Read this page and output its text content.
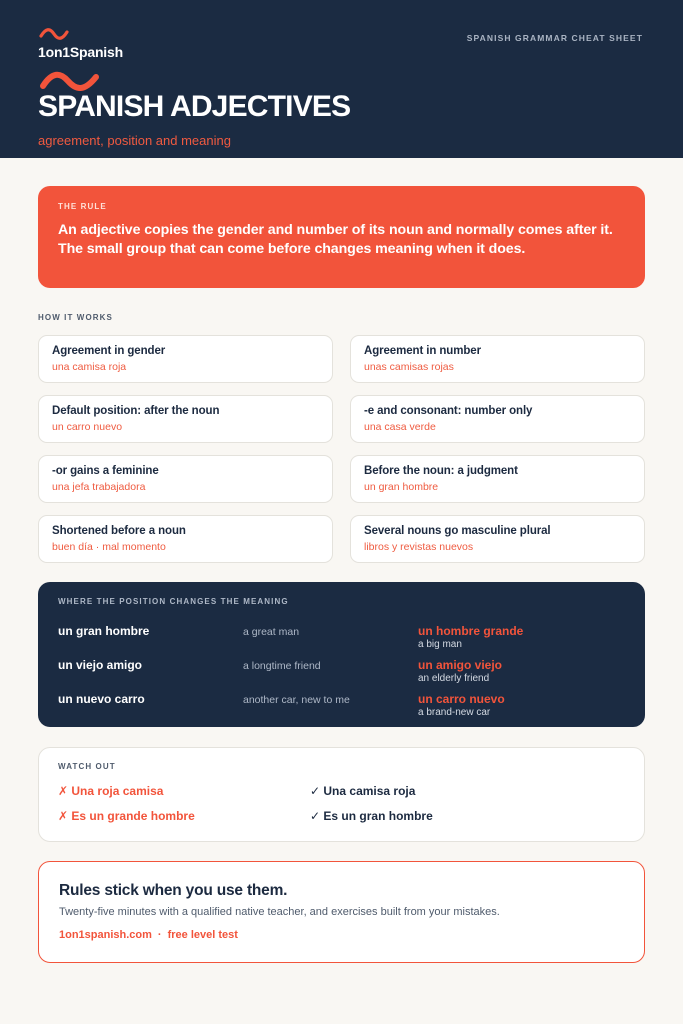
1on1Spanish
SPANISH GRAMMAR CHEAT SHEET
SPANISH ADJECTIVES
agreement, position and meaning
THE RULE
An adjective copies the gender and number of its noun and normally comes after it. The small group that can come before changes meaning when it does.
HOW IT WORKS
Agreement in gender
una camisa roja
Agreement in number
unas camisas rojas
Default position: after the noun
un carro nuevo
-e and consonant: number only
una casa verde
-or gains a feminine
una jefa trabajadora
Before the noun: a judgment
un gran hombre
Shortened before a noun
buen día · mal momento
Several nouns go masculine plural
libros y revistas nuevos
WHERE THE POSITION CHANGES THE MEANING
un gran hombre	a great man	un hombre grande
a big man
un viejo amigo	a longtime friend	un amigo viejo
an elderly friend
un nuevo carro	another car, new to me	un carro nuevo
a brand-new car
WATCH OUT
✗ Una roja camisa	✓ Una camisa roja
✗ Es un grande hombre	✓ Es un gran hombre
Rules stick when you use them.
Twenty-five minutes with a qualified native teacher, and exercises built from your mistakes.
1on1spanish.com · free level test
